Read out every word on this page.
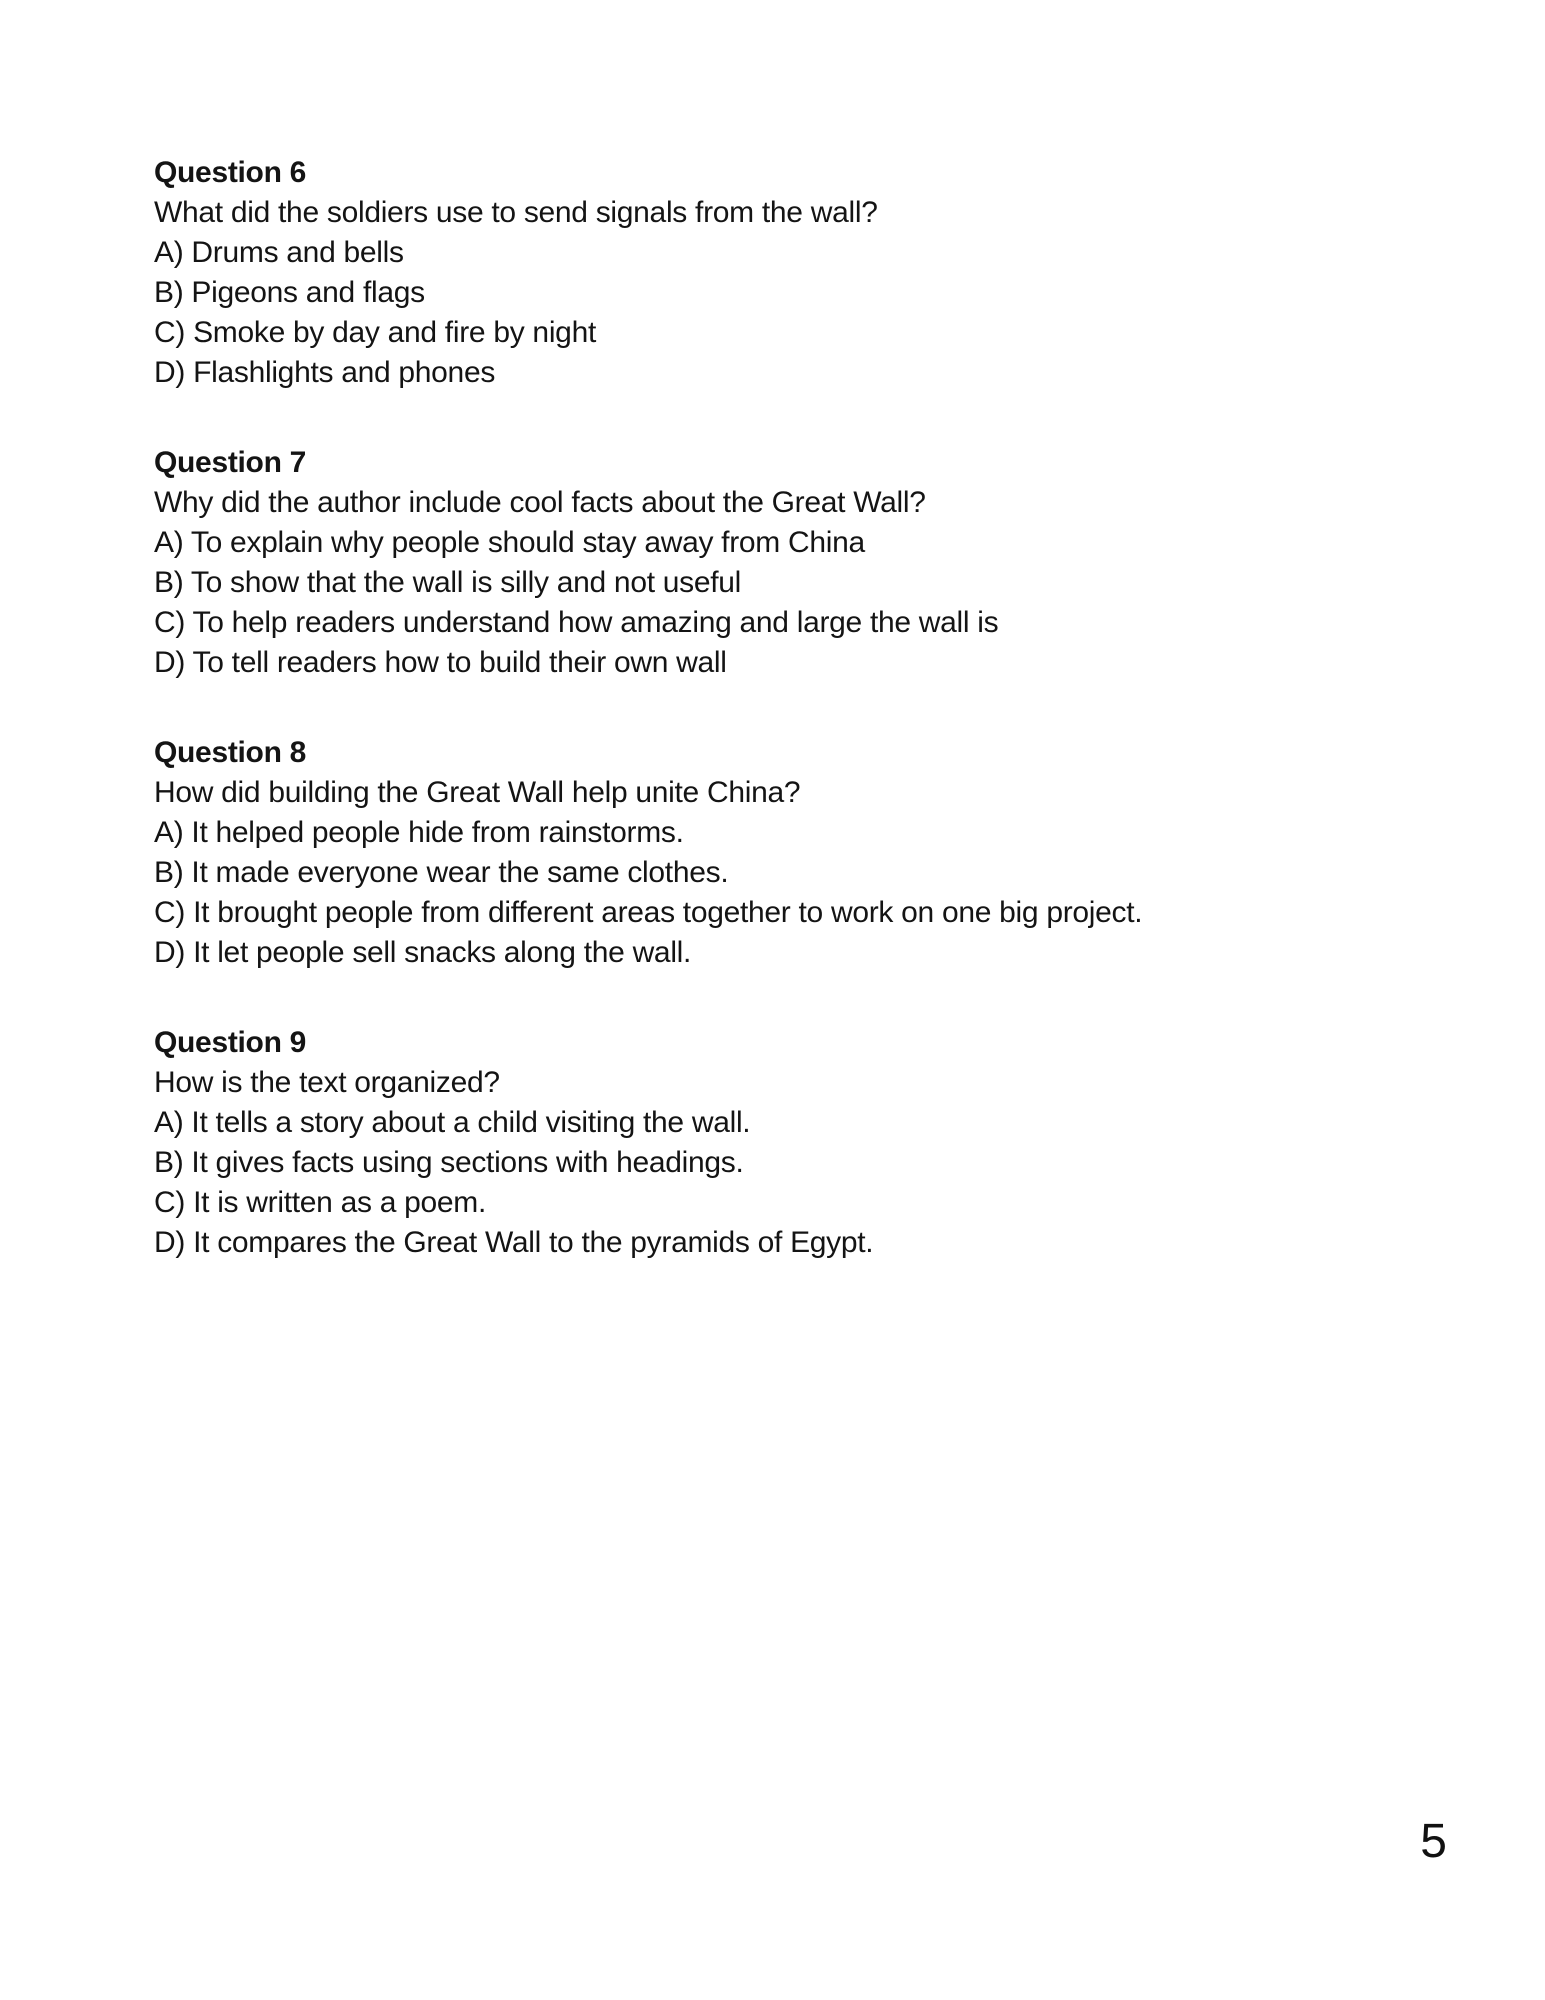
Question 6

What did the soldiers use to send signals from the wall?

A) Drums and bells

B) Pigeons and flags

C) Smoke by day and fire by night

D) Flashlights and phones

Question 7

Why did the author include cool facts about the Great Wall?

A) To explain why people should stay away from China

B) To show that the wall is silly and not useful

C) To help readers understand how amazing and large the wall is

D) To tell readers how to build their own wall

Question 8

How did building the Great Wall help unite China?

A) It helped people hide from rainstorms.

B) It made everyone wear the same clothes.

C) It brought people from different areas together to work on one big project.

D) It let people sell snacks along the wall.

Question 9

How is the text organized?

A) It tells a story about a child visiting the wall.

B) It gives facts using sections with headings.

C) It is written as a poem.

D) It compares the Great Wall to the pyramids of Egypt.

5
